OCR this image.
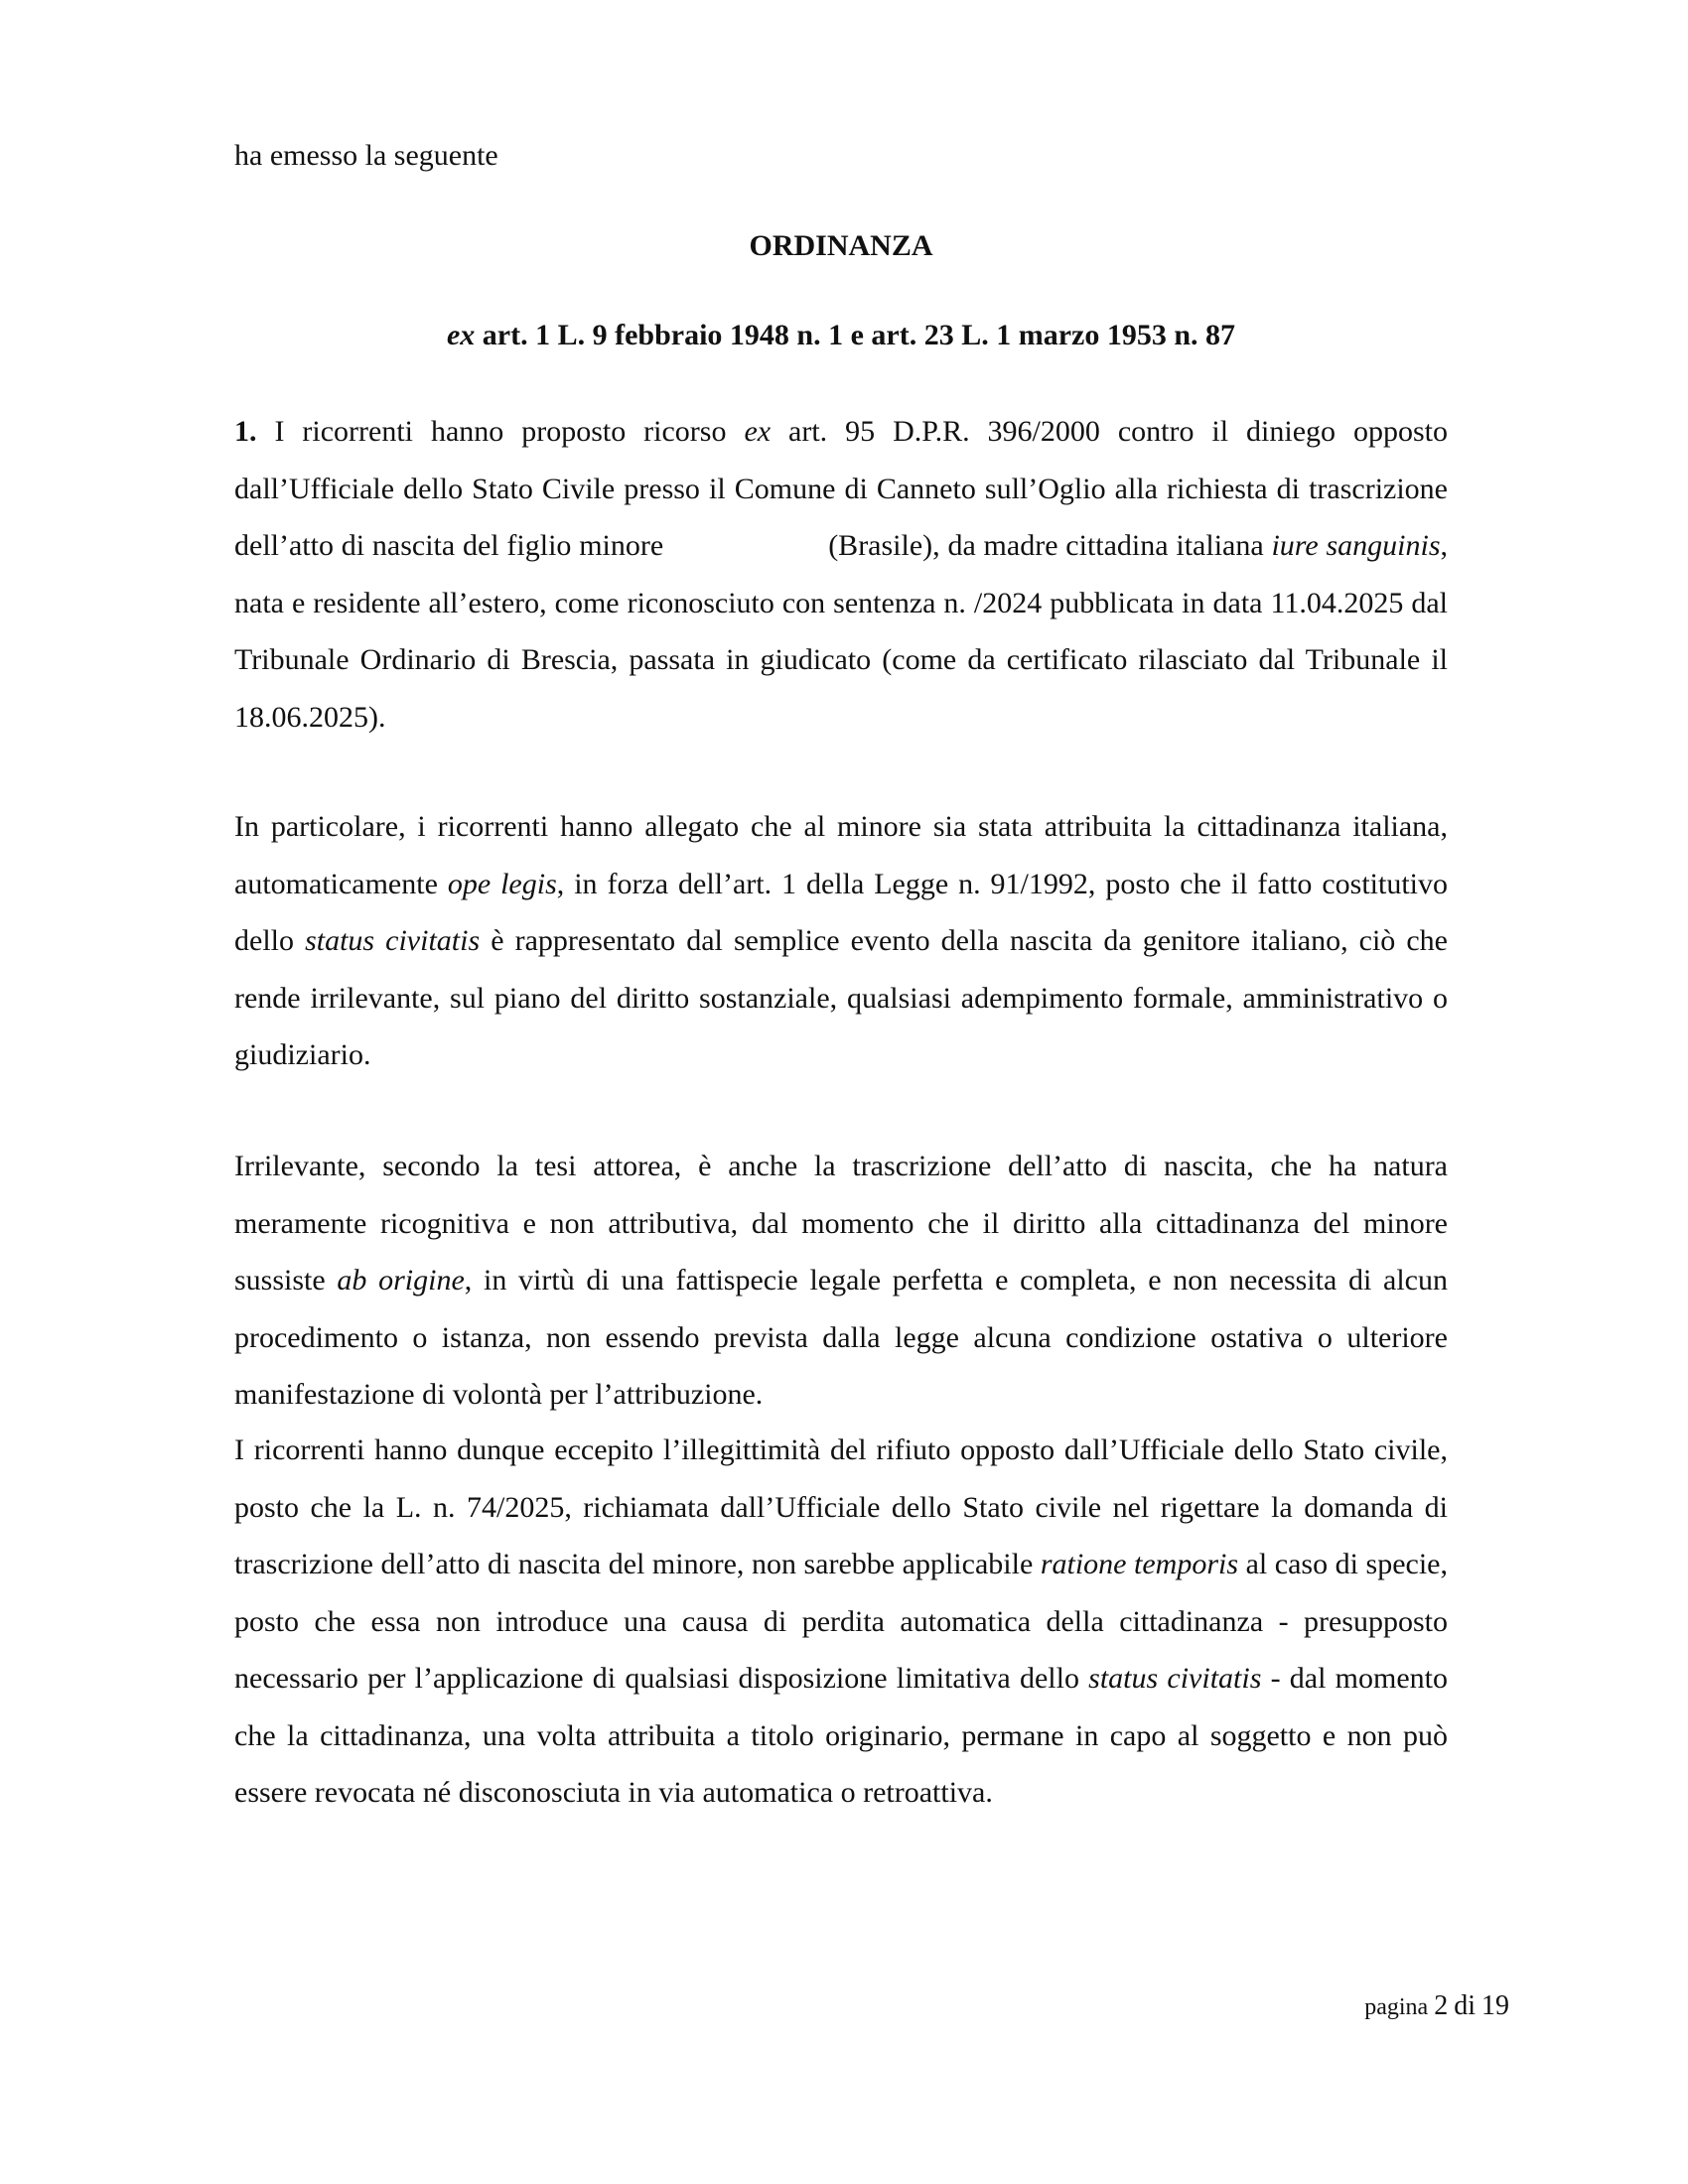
ha emesso la seguente

ORDINANZA

ex art. 1 L. 9 febbraio 1948 n. 1 e art. 23 L. 1 marzo 1953 n. 87

1. I ricorrenti hanno proposto ricorso ex art. 95 D.P.R. 396/2000 contro il diniego opposto dall’Ufficiale dello Stato Civile presso il Comune di Canneto sull’Oglio alla richiesta di trascrizione dell’atto di nascita del figlio minore	(Brasile), da madre cittadina italiana iure sanguinis, nata e residente all’estero, come riconosciuto con sentenza n. /2024 pubblicata in data 11.04.2025 dal Tribunale Ordinario di Brescia, passata in giudicato (come da certificato rilasciato dal Tribunale il 18.06.2025).

In particolare, i ricorrenti hanno allegato che al minore sia stata attribuita la cittadinanza italiana, automaticamente ope legis, in forza dell’art. 1 della Legge n. 91/1992, posto che il fatto costitutivo dello status civitatis è rappresentato dal semplice evento della nascita da genitore italiano, ciò che rende irrilevante, sul piano del diritto sostanziale, qualsiasi adempimento formale, amministrativo o giudiziario.

Irrilevante, secondo la tesi attorea, è anche la trascrizione dell’atto di nascita, che ha natura meramente ricognitiva e non attributiva, dal momento che il diritto alla cittadinanza del minore sussiste ab origine, in virtù di una fattispecie legale perfetta e completa, e non necessita di alcun procedimento o istanza, non essendo prevista dalla legge alcuna condizione ostativa o ulteriore manifestazione di volontà per l’attribuzione.

I ricorrenti hanno dunque eccepito l’illegittimità del rifiuto opposto dall’Ufficiale dello Stato civile, posto che la L. n. 74/2025, richiamata dall’Ufficiale dello Stato civile nel rigettare la domanda di trascrizione dell’atto di nascita del minore, non sarebbe applicabile ratione temporis al caso di specie, posto che essa non introduce una causa di perdita automatica della cittadinanza - presupposto necessario per l’applicazione di qualsiasi disposizione limitativa dello status civitatis - dal momento che la cittadinanza, una volta attribuita a titolo originario, permane in capo al soggetto e non può essere revocata né disconosciuta in via automatica o retroattiva.

pagina 2 di 19
